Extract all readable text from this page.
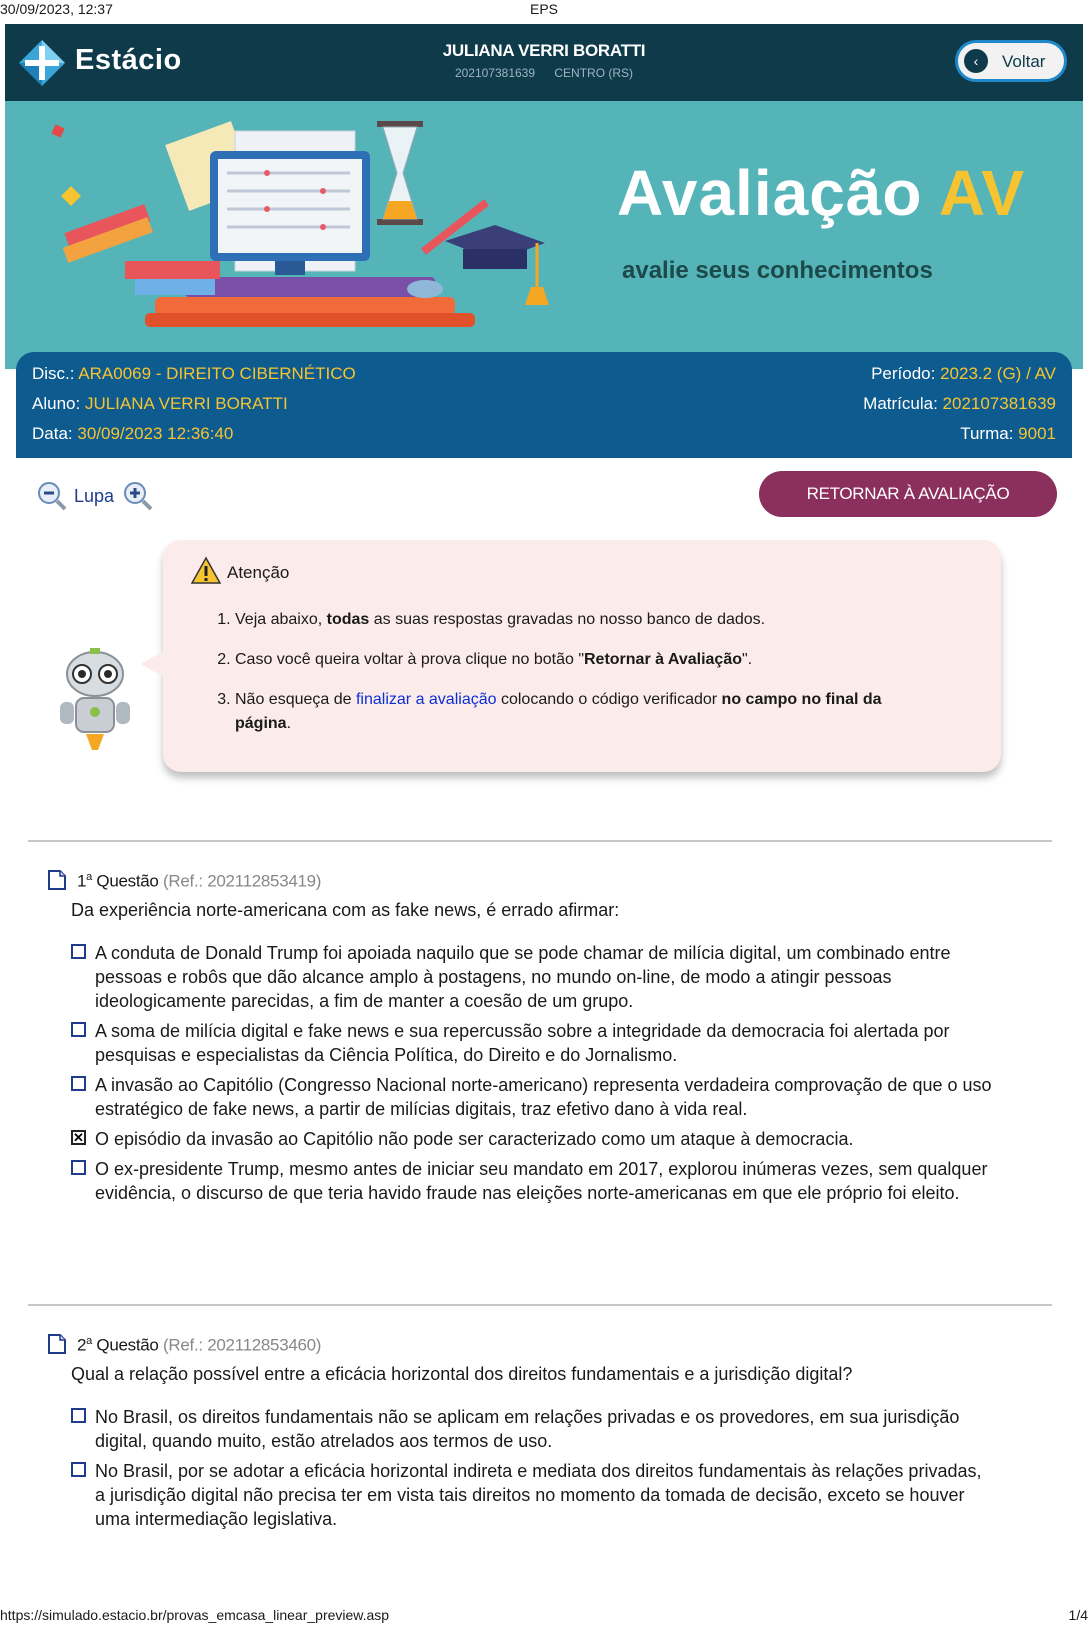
30/09/2023, 12:37	EPS
Estácio	JULIANA VERRI BORATTI
202107381639 CENTRO (RS)
‹	Voltar
Avaliação AV
avalie seus conhecimentos
Disc.: ARA0069 - DIREITO CIBERNÉTICO	Período: 2023.2 (G) / AV
Aluno: JULIANA VERRI BORATTI	Matrícula: 202107381639
Data: 30/09/2023 12:36:40	Turma: 9001
Lupa	RETORNAR À AVALIAÇÃO
Atenção
1. Veja abaixo, todas as suas respostas gravadas no nosso banco de dados.
2. Caso você queira voltar à prova clique no botão "Retornar à Avaliação".
3. Não esqueça de finalizar a avaliação colocando o código verificador no campo no final da página.
1$^a$ Questão (Ref.: 202112853419)
Da experiência norte-americana com as fake news, é errado afirmar:
A conduta de Donald Trump foi apoiada naquilo que se pode chamar de milícia digital, um combinado entre pessoas e robôs que dão alcance amplo à postagens, no mundo on-line, de modo a atingir pessoas ideologicamente parecidas, a fim de manter a coesão de um grupo.
A soma de milícia digital e fake news e sua repercussão sobre a integridade da democracia foi alertada por pesquisas e especialistas da Ciência Política, do Direito e do Jornalismo.
A invasão ao Capitólio (Congresso Nacional norte-americano) representa verdadeira comprovação de que o uso estratégico de fake news, a partir de milícias digitais, traz efetivo dano à vida real.
✕ O episódio da invasão ao Capitólio não pode ser caracterizado como um ataque à democracia.
O ex-presidente Trump, mesmo antes de iniciar seu mandato em 2017, explorou inúmeras vezes, sem qualquer evidência, o discurso de que teria havido fraude nas eleições norte-americanas em que ele próprio foi eleito.
2$^a$ Questão (Ref.: 202112853460)
Qual a relação possível entre a eficácia horizontal dos direitos fundamentais e a jurisdição digital?
No Brasil, os direitos fundamentais não se aplicam em relações privadas e os provedores, em sua jurisdição digital, quando muito, estão atrelados aos termos de uso.
No Brasil, por se adotar a eficácia horizontal indireta e mediata dos direitos fundamentais às relações privadas, a jurisdição digital não precisa ter em vista tais direitos no momento da tomada de decisão, exceto se houver uma intermediação legislativa.
https://simulado.estacio.br/provas_emcasa_linear_preview.asp	1/4
